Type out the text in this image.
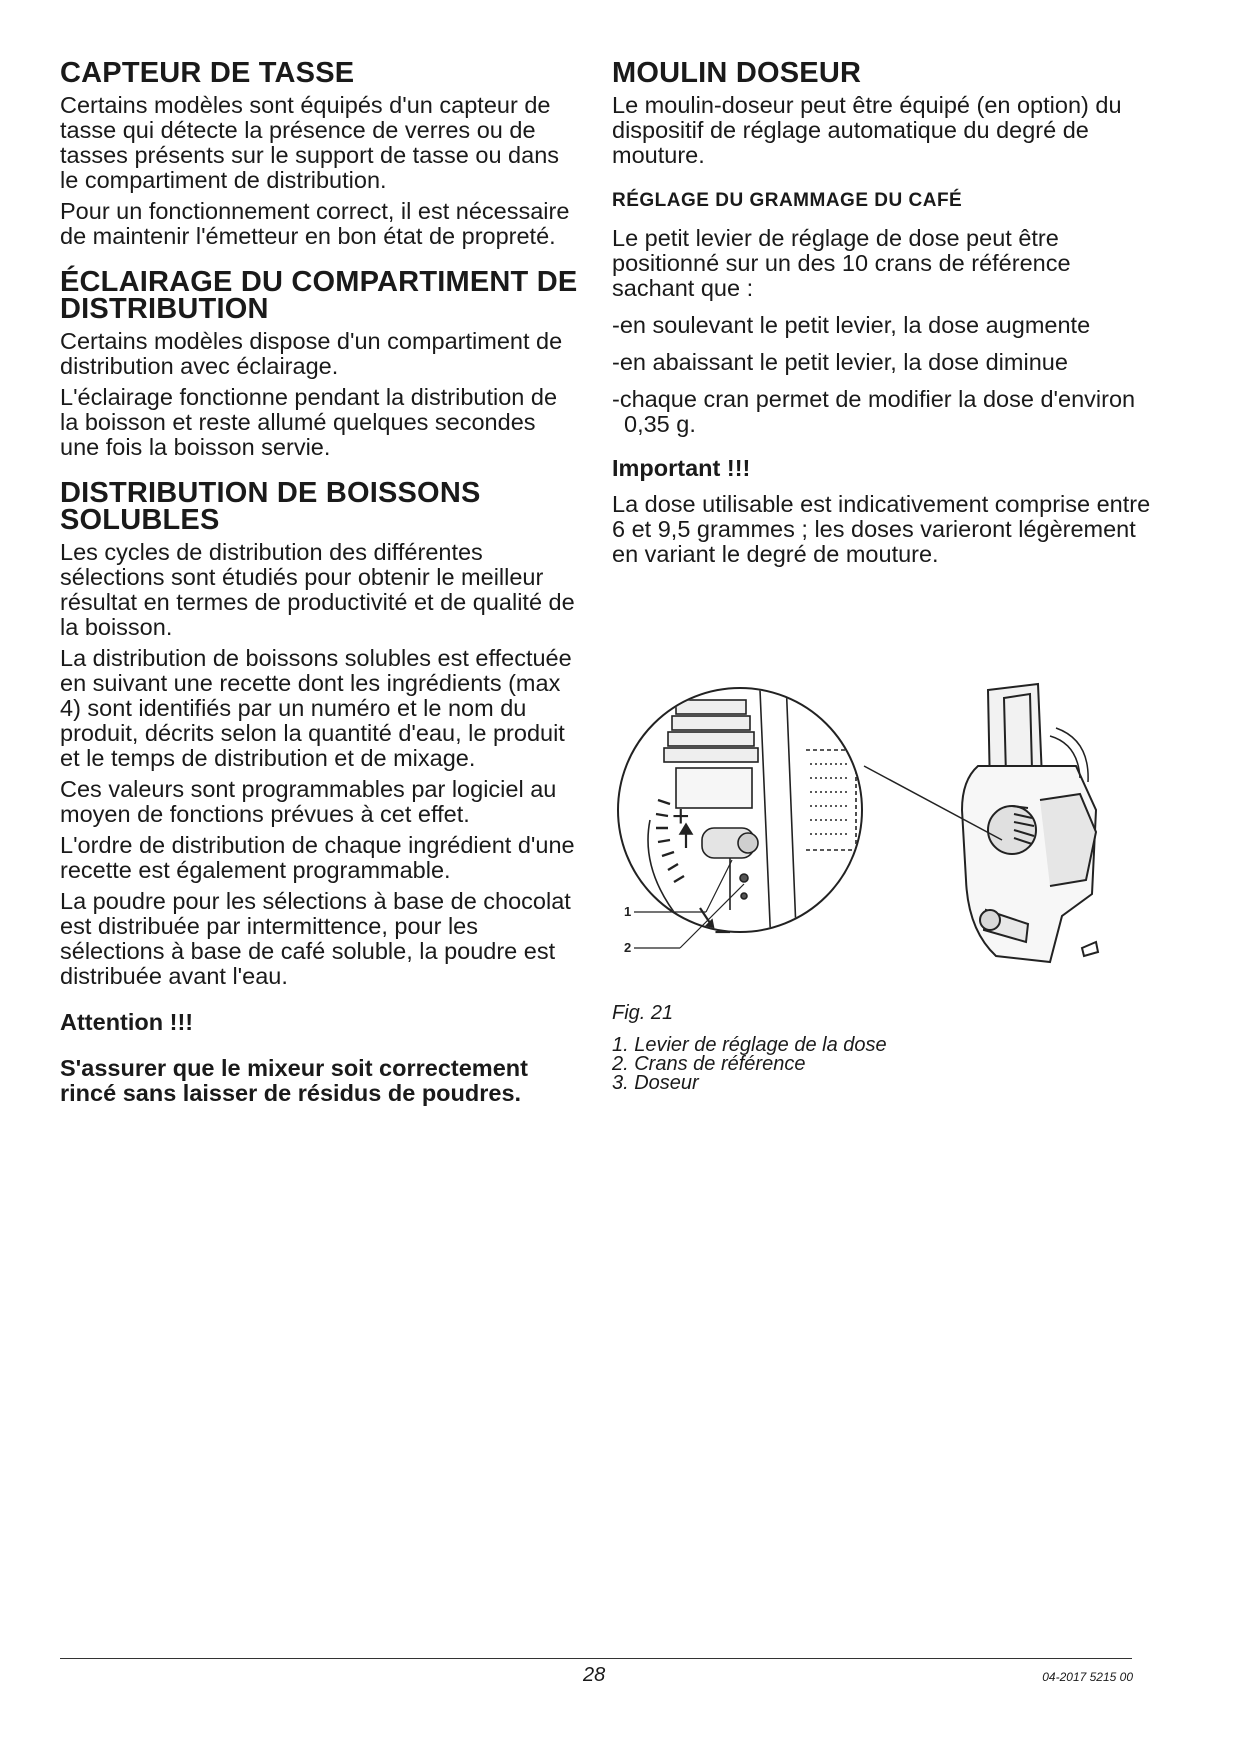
CAPTEUR DE TASSE

Certains modèles sont équipés d'un capteur de tasse qui détecte la présence de verres ou de tasses présents sur le support de tasse ou dans le compartiment de distribution.

Pour un fonctionnement correct, il est nécessaire de maintenir l'émetteur en bon état de propreté.

ÉCLAIRAGE DU COMPARTIMENT DE DISTRIBUTION

Certains modèles dispose d'un compartiment de distribution avec éclairage.

L'éclairage fonctionne pendant la distribution de la boisson et reste allumé quelques secondes une fois la boisson servie.

DISTRIBUTION DE BOISSONS SOLUBLES

Les cycles de distribution des différentes sélections sont étudiés pour obtenir le meilleur résultat en termes de productivité et de qualité de la boisson.

La distribution de boissons solubles est effectuée en suivant une recette dont les ingrédients (max 4) sont identifiés par un numéro et le nom du produit, décrits selon la quantité d'eau, le produit et le temps de distribution et de mixage.

Ces valeurs sont programmables par logiciel au moyen de fonctions prévues à cet effet.

L'ordre de distribution de chaque ingrédient d'une recette est également programmable.

La poudre pour les sélections à base de chocolat est distribuée par intermittence, pour les sélections à base de café soluble, la poudre est distribuée avant l'eau.

Attention !!!

S'assurer que le mixeur soit correctement rincé sans laisser de résidus de poudres.

MOULIN DOSEUR

Le moulin-doseur peut être équipé (en option) du dispositif de réglage automatique du degré de mouture.

RÉGLAGE DU GRAMMAGE DU CAFÉ

Le petit levier de réglage de dose peut être positionné sur un des 10 crans de référence sachant que :

- en soulevant le petit levier, la dose augmente
- en abaissant le petit levier, la dose diminue
- chaque cran permet de modifier la dose d'environ 0,35 g.
Important !!!

La dose utilisable est indicativement comprise entre 6 et 9,5 grammes ; les doses varieront légèrement en variant le degré de mouture.

+
−
1
2
Fig. 21
1. Levier de réglage de la dose
2. Crans de référence
3. Doseur
28	04-2017 5215 00
